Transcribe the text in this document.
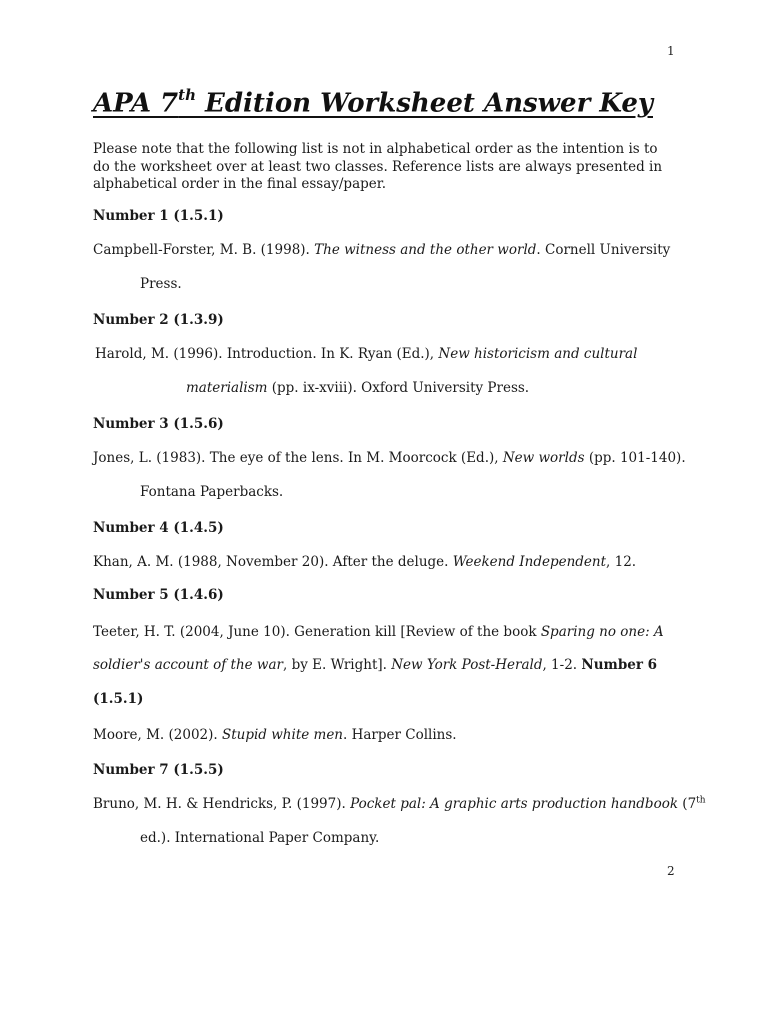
1
APA 7th Edition Worksheet Answer Key

Please note that the following list is not in alphabetical order as the intention is to do the worksheet over at least two classes. Reference lists are always presented in alphabetical order in the final essay/paper.

Number 1 (1.5.1)

Campbell-Forster, M. B. (1998). The witness and the other world. Cornell University

Press.

Number 2 (1.3.9)

Harold, M. (1996). Introduction. In K. Ryan (Ed.), New historicism and cultural

materialism (pp. ix-xviii). Oxford University Press.

Number 3 (1.5.6)

Jones, L. (1983). The eye of the lens. In M. Moorcock (Ed.), New worlds (pp. 101-140).

Fontana Paperbacks.

Number 4 (1.4.5)

Khan, A. M. (1988, November 20). After the deluge. Weekend Independent, 12.

Number 5 (1.4.6)

Teeter, H. T. (2004, June 10). Generation kill [Review of the book Sparing no one: A

soldier's account of the war, by E. Wright]. New York Post-Herald, 1-2. Number 6

(1.5.1)

Moore, M. (2002). Stupid white men. Harper Collins.

Number 7 (1.5.5)

Bruno, M. H. & Hendricks, P. (1997). Pocket pal: A graphic arts production handbook (7th

ed.). International Paper Company.

2
